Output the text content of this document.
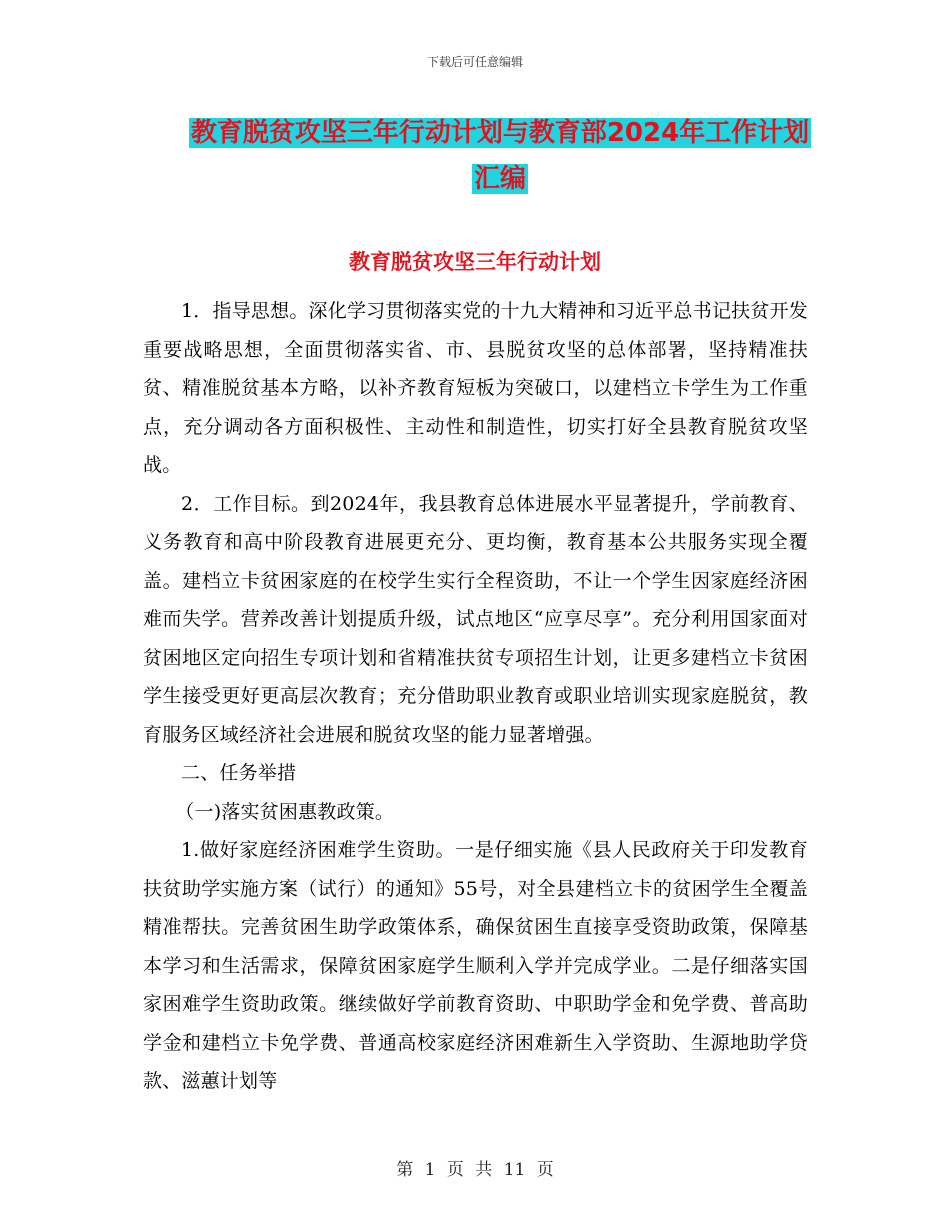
下载后可任意编辑
教育脱贫攻坚三年行动计划与教育部2024年工作计划
汇编
教育脱贫攻坚三年行动计划

1．指导思想。深化学习贯彻落实党的十九大精神和习近平总书记扶贫开发重要战略思想，全面贯彻落实省、市、县脱贫攻坚的总体部署，坚持精准扶贫、精准脱贫基本方略，以补齐教育短板为突破口，以建档立卡学生为工作重点，充分调动各方面积极性、主动性和制造性，切实打好全县教育脱贫攻坚战。

2．工作目标。到2024年，我县教育总体进展水平显著提升，学前教育、义务教育和高中阶段教育进展更充分、更均衡，教育基本公共服务实现全覆盖。建档立卡贫困家庭的在校学生实行全程资助，不让一个学生因家庭经济困难而失学。营养改善计划提质升级，试点地区“应享尽享”。充分利用国家面对贫困地区定向招生专项计划和省精准扶贫专项招生计划，让更多建档立卡贫困学生接受更好更高层次教育；充分借助职业教育或职业培训实现家庭脱贫，教育服务区域经济社会进展和脱贫攻坚的能力显著增强。

二、任务举措

（一)落实贫困惠教政策。

1.做好家庭经济困难学生资助。一是仔细实施《县人民政府关于印发教育扶贫助学实施方案（试行）的通知》55号，对全县建档立卡的贫困学生全覆盖精准帮扶。完善贫困生助学政策体系，确保贫困生直接享受资助政策，保障基本学习和生活需求，保障贫困家庭学生顺利入学并完成学业。二是仔细落实国家困难学生资助政策。继续做好学前教育资助、中职助学金和免学费、普高助学金和建档立卡免学费、普通高校家庭经济困难新生入学资助、生源地助学贷款、滋蕙计划等

第 1 页 共 11 页
